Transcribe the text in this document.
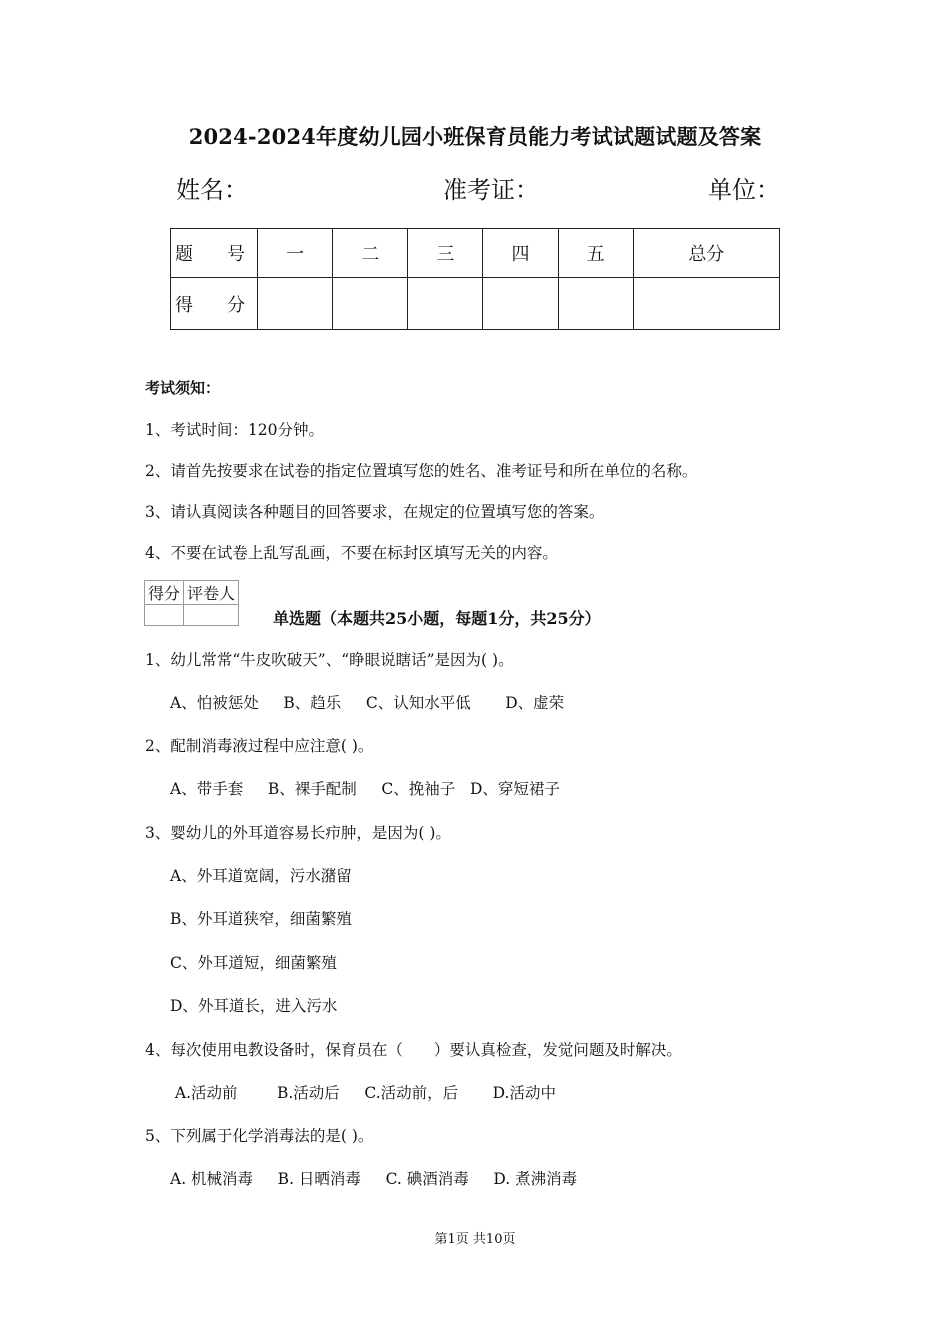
2024-2024年度幼儿园小班保育员能力考试试题试题及答案
姓名：	准考证：	单位：
题　号	一	二	三	四	五	总分
得　分						
考试须知：
1、考试时间：120分钟。
2、请首先按要求在试卷的指定位置填写您的姓名、准考证号和所在单位的名称。
3、请认真阅读各种题目的回答要求，在规定的位置填写您的答案。
4、不要在试卷上乱写乱画，不要在标封区填写无关的内容。
得分	评卷人

单选题（本题共25小题，每题1分，共25分）
1、幼儿常常“牛皮吹破天”、“睁眼说瞎话”是因为( )。
A、怕被惩处     B、趋乐     C、认知水平低       D、虚荣
2、配制消毒液过程中应注意( )。
A、带手套     B、裸手配制     C、挽袖子   D、穿短裙子
3、婴幼儿的外耳道容易长疖肿，是因为( )。
A、外耳道宽阔，污水潴留
B、外耳道狭窄，细菌繁殖
C、外耳道短，细菌繁殖
D、外耳道长，进入污水
4、每次使用电教设备时，保育员在（　　）要认真检查，发觉问题及时解决。
A.活动前        B.活动后     C.活动前，后       D.活动中
5、下列属于化学消毒法的是( )。
A. 机械消毒     B. 日晒消毒     C. 碘酒消毒     D. 煮沸消毒
第1页 共10页
